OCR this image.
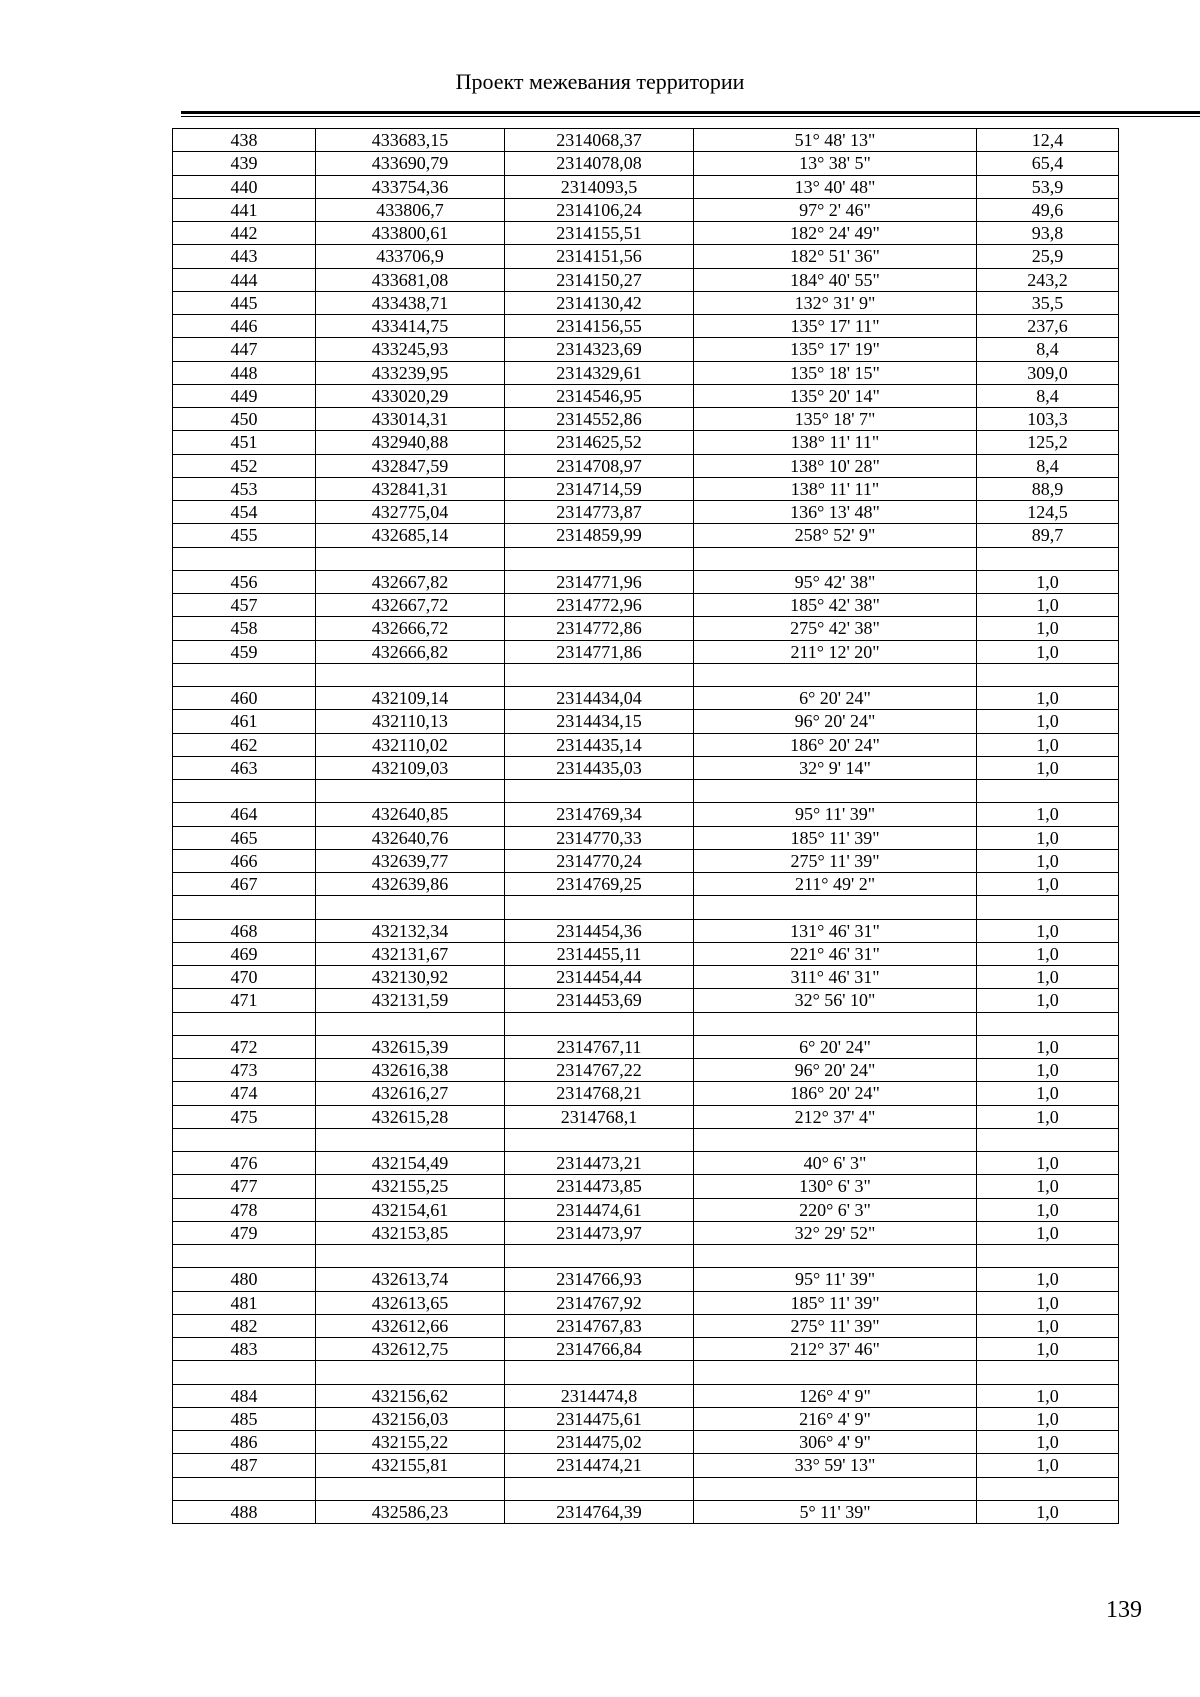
Проект межевания территории
438	433683,15	2314068,37	51° 48' 13"	12,4
439	433690,79	2314078,08	13° 38' 5"	65,4
440	433754,36	2314093,5	13° 40' 48"	53,9
441	433806,7	2314106,24	97° 2' 46"	49,6
442	433800,61	2314155,51	182° 24' 49"	93,8
443	433706,9	2314151,56	182° 51' 36"	25,9
444	433681,08	2314150,27	184° 40' 55"	243,2
445	433438,71	2314130,42	132° 31' 9"	35,5
446	433414,75	2314156,55	135° 17' 11"	237,6
447	433245,93	2314323,69	135° 17' 19"	8,4
448	433239,95	2314329,61	135° 18' 15"	309,0
449	433020,29	2314546,95	135° 20' 14"	8,4
450	433014,31	2314552,86	135° 18' 7"	103,3
451	432940,88	2314625,52	138° 11' 11"	125,2
452	432847,59	2314708,97	138° 10' 28"	8,4
453	432841,31	2314714,59	138° 11' 11"	88,9
454	432775,04	2314773,87	136° 13' 48"	124,5
455	432685,14	2314859,99	258° 52' 9"	89,7

456	432667,82	2314771,96	95° 42' 38"	1,0
457	432667,72	2314772,96	185° 42' 38"	1,0
458	432666,72	2314772,86	275° 42' 38"	1,0
459	432666,82	2314771,86	211° 12' 20"	1,0

460	432109,14	2314434,04	6° 20' 24"	1,0
461	432110,13	2314434,15	96° 20' 24"	1,0
462	432110,02	2314435,14	186° 20' 24"	1,0
463	432109,03	2314435,03	32° 9' 14"	1,0

464	432640,85	2314769,34	95° 11' 39"	1,0
465	432640,76	2314770,33	185° 11' 39"	1,0
466	432639,77	2314770,24	275° 11' 39"	1,0
467	432639,86	2314769,25	211° 49' 2"	1,0

468	432132,34	2314454,36	131° 46' 31"	1,0
469	432131,67	2314455,11	221° 46' 31"	1,0
470	432130,92	2314454,44	311° 46' 31"	1,0
471	432131,59	2314453,69	32° 56' 10"	1,0

472	432615,39	2314767,11	6° 20' 24"	1,0
473	432616,38	2314767,22	96° 20' 24"	1,0
474	432616,27	2314768,21	186° 20' 24"	1,0
475	432615,28	2314768,1	212° 37' 4"	1,0

476	432154,49	2314473,21	40° 6' 3"	1,0
477	432155,25	2314473,85	130° 6' 3"	1,0
478	432154,61	2314474,61	220° 6' 3"	1,0
479	432153,85	2314473,97	32° 29' 52"	1,0

480	432613,74	2314766,93	95° 11' 39"	1,0
481	432613,65	2314767,92	185° 11' 39"	1,0
482	432612,66	2314767,83	275° 11' 39"	1,0
483	432612,75	2314766,84	212° 37' 46"	1,0

484	432156,62	2314474,8	126° 4' 9"	1,0
485	432156,03	2314475,61	216° 4' 9"	1,0
486	432155,22	2314475,02	306° 4' 9"	1,0
487	432155,81	2314474,21	33° 59' 13"	1,0

488	432586,23	2314764,39	5° 11' 39"	1,0
139
